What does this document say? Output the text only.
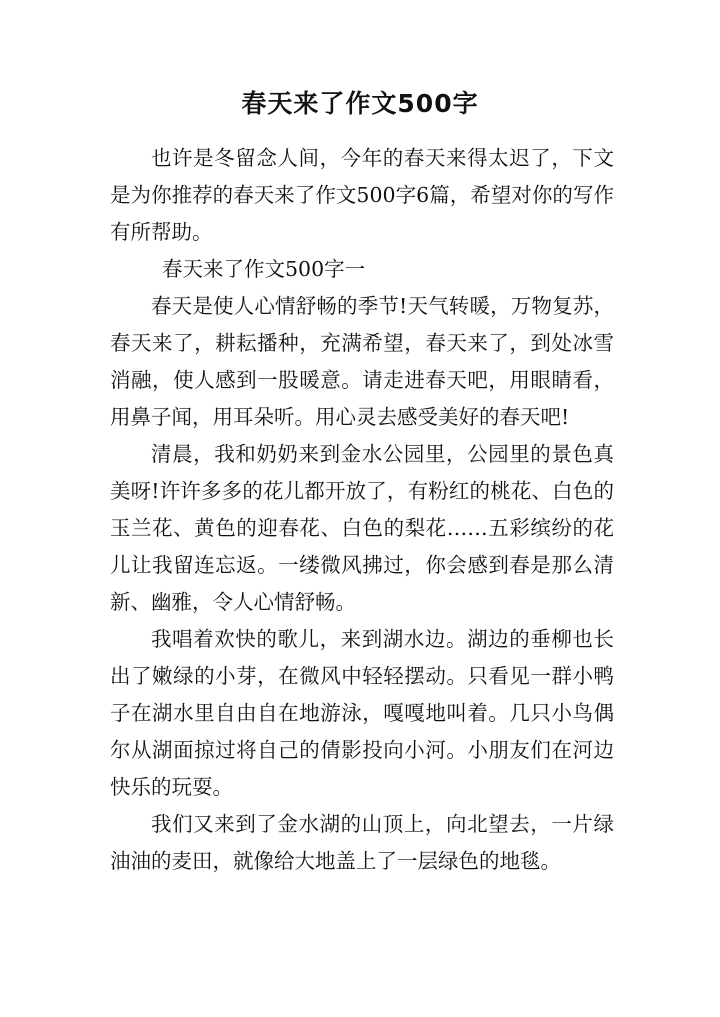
春天来了作文500字

也许是冬留念人间，今年的春天来得太迟了，下文是为你推荐的春天来了作文500字6篇，希望对你的写作有所帮助。

春天来了作文500字一

春天是使人心情舒畅的季节!天气转暖，万物复苏，春天来了，耕耘播种，充满希望，春天来了，到处冰雪消融，使人感到一股暖意。请走进春天吧，用眼睛看，用鼻子闻，用耳朵听。用心灵去感受美好的春天吧!

清晨，我和奶奶来到金水公园里，公园里的景色真美呀!许许多多的花儿都开放了，有粉红的桃花、白色的玉兰花、黄色的迎春花、白色的梨花……五彩缤纷的花儿让我留连忘返。一缕微风拂过，你会感到春是那么清新、幽雅，令人心情舒畅。

我唱着欢快的歌儿，来到湖水边。湖边的垂柳也长出了嫩绿的小芽，在微风中轻轻摆动。只看见一群小鸭子在湖水里自由自在地游泳，嘎嘎地叫着。几只小鸟偶尔从湖面掠过将自己的倩影投向小河。小朋友们在河边快乐的玩耍。

我们又来到了金水湖的山顶上，向北望去，一片绿油油的麦田，就像给大地盖上了一层绿色的地毯。
